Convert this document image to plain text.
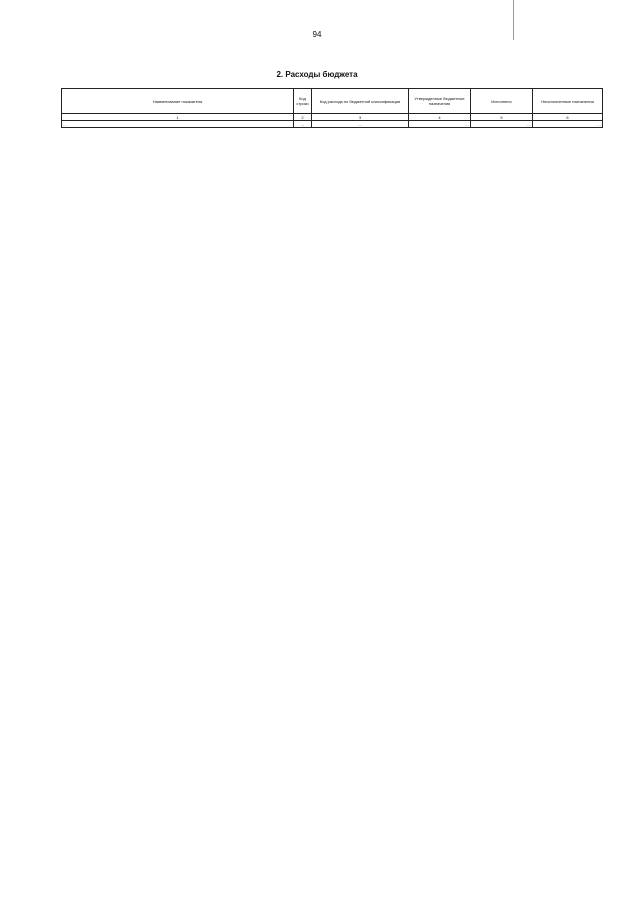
94
2. Расходы бюджета
Наименование показателя	Код строки	Код расхода по бюджетной классификации	Утвержденные бюджетные назначения	Исполнено	Неисполненные назначения
1	2	3	4	5	6
…	…	…	…	…	…
